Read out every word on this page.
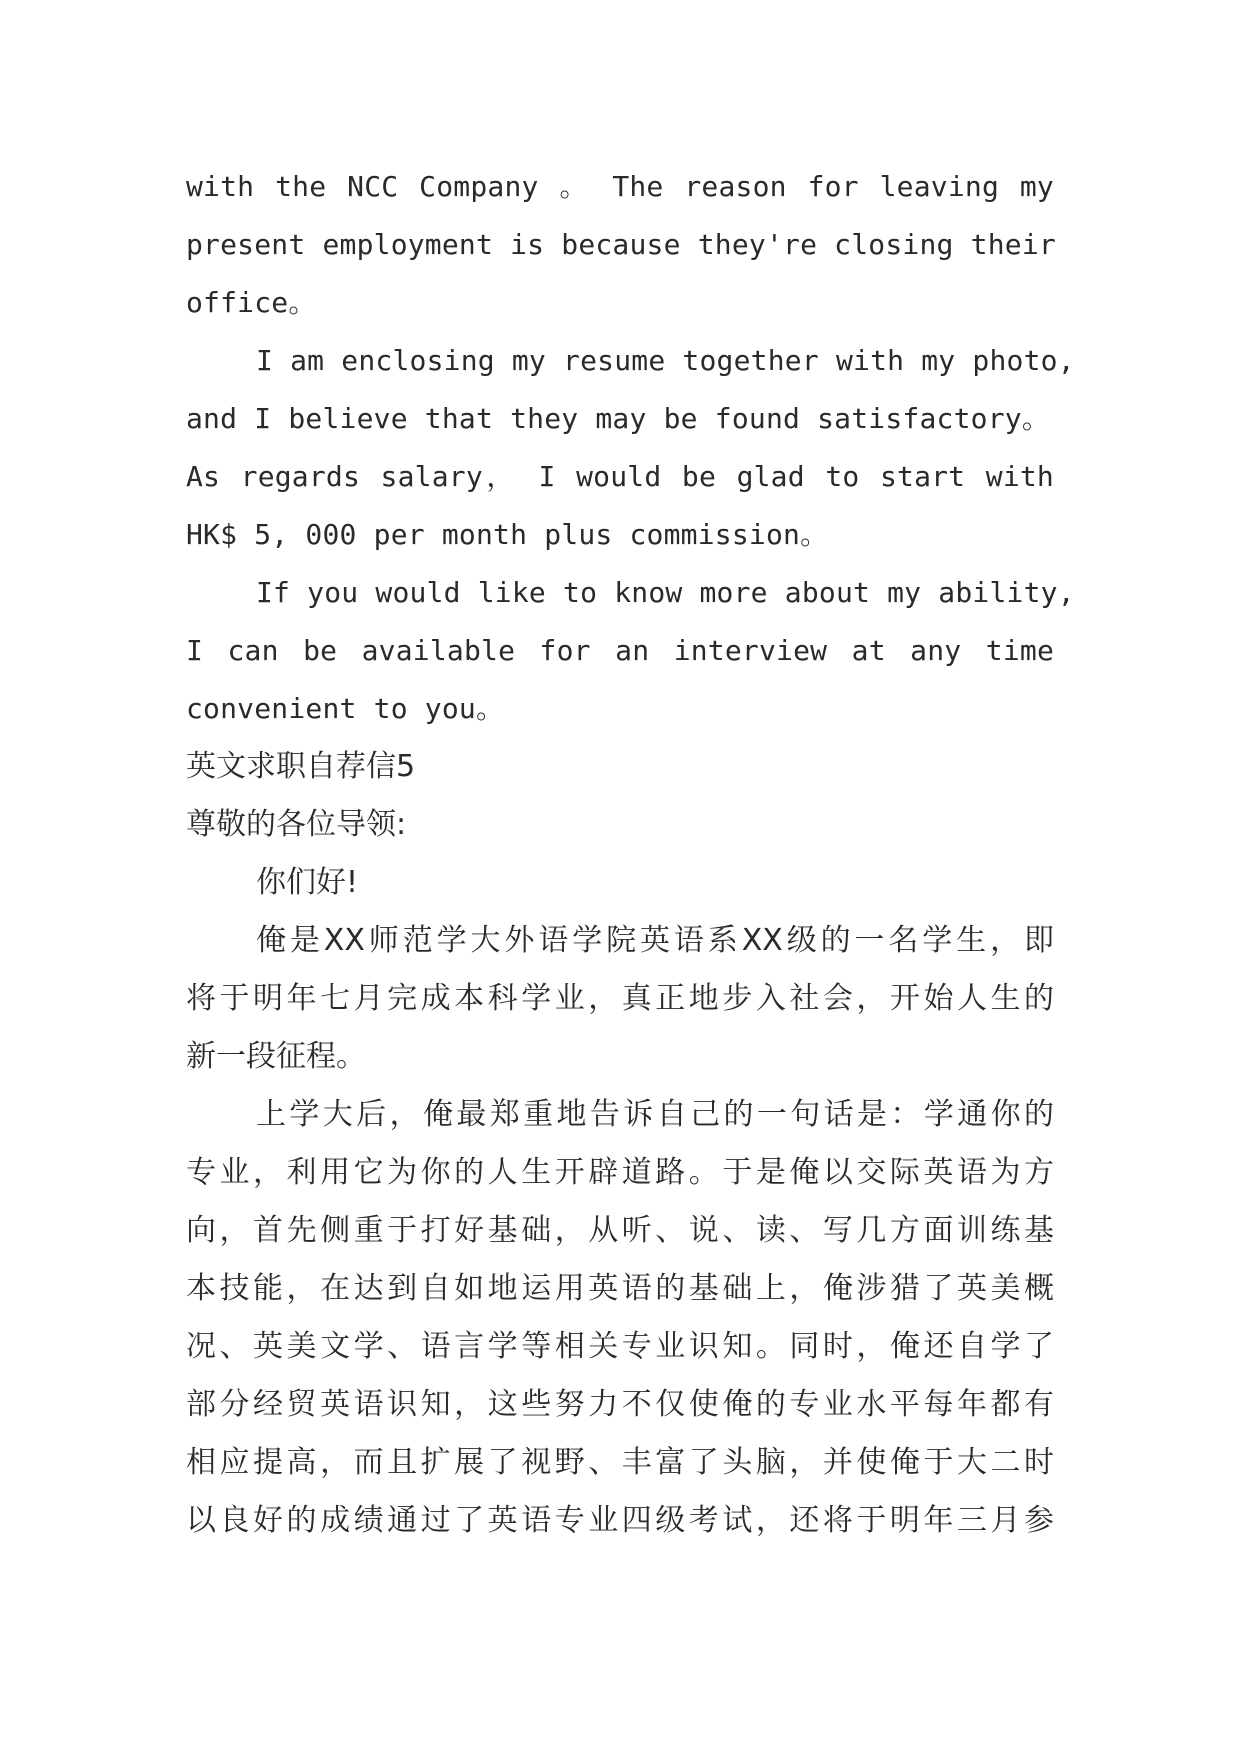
with the NCC Company 。 The reason for leaving my
present employment is because they're closing their
office。
I am enclosing my resume together with my photo,
and I believe that they may be found satisfactory。
As regards salary， I would be glad to start with
HK$ 5, 000 per month plus commission。
If you would like to know more about my ability,
I can be available for an interview at any time
convenient to you。
英文求职自荐信5
尊敬的各位导领:
你们好!
俺是XX师范学大外语学院英语系XX级的一名学生，即
将于明年七月完成本科学业，真正地步入社会，开始人生的
新一段征程。
上学大后，俺最郑重地告诉自己的一句话是：学通你的
专业，利用它为你的人生开辟道路。于是俺以交际英语为方
向，首先侧重于打好基础，从听、说、读、写几方面训练基
本技能，在达到自如地运用英语的基础上，俺涉猎了英美概
况、英美文学、语言学等相关专业识知。同时，俺还自学了
部分经贸英语识知，这些努力不仅使俺的专业水平每年都有
相应提高，而且扩展了视野、丰富了头脑，并使俺于大二时
以良好的成绩通过了英语专业四级考试，还将于明年三月参
